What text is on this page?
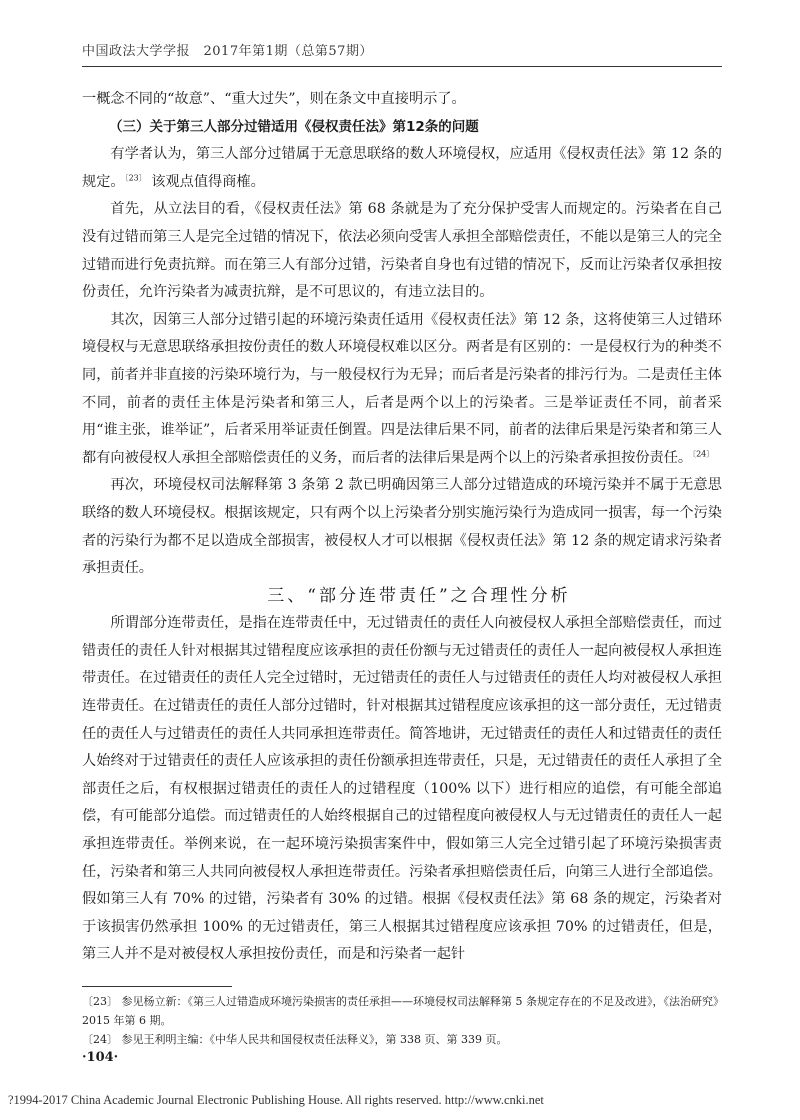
中国政法大学学报　2017年第1期（总第57期）

一概念不同的“故意”、“重大过失”，则在条文中直接明示了。

（三）关于第三人部分过错适用《侵权责任法》第12条的问题

有学者认为，第三人部分过错属于无意思联络的数人环境侵权，应适用《侵权责任法》第 12 条的规定。$^{〔23〕}$ 该观点值得商榷。

首先，从立法目的看，《侵权责任法》第 68 条就是为了充分保护受害人而规定的。污染者在自己没有过错而第三人是完全过错的情况下，依法必须向受害人承担全部赔偿责任，不能以是第三人的完全过错而进行免责抗辩。而在第三人有部分过错，污染者自身也有过错的情况下，反而让污染者仅承担按份责任，允许污染者为减责抗辩，是不可思议的，有违立法目的。

其次，因第三人部分过错引起的环境污染责任适用《侵权责任法》第 12 条，这将使第三人过错环境侵权与无意思联络承担按份责任的数人环境侵权难以区分。两者是有区别的：一是侵权行为的种类不同，前者并非直接的污染环境行为，与一般侵权行为无异；而后者是污染者的排污行为。二是责任主体不同，前者的责任主体是污染者和第三人，后者是两个以上的污染者。三是举证责任不同，前者采用“谁主张，谁举证”，后者采用举证责任倒置。四是法律后果不同，前者的法律后果是污染者和第三人都有向被侵权人承担全部赔偿责任的义务，而后者的法律后果是两个以上的污染者承担按份责任。$^{〔24〕}$

再次，环境侵权司法解释第 3 条第 2 款已明确因第三人部分过错造成的环境污染并不属于无意思联络的数人环境侵权。根据该规定，只有两个以上污染者分别实施污染行为造成同一损害，每一个污染者的污染行为都不足以造成全部损害，被侵权人才可以根据《侵权责任法》第 12 条的规定请求污染者承担责任。

三、“部分连带责任”之合理性分析

所谓部分连带责任，是指在连带责任中，无过错责任的责任人向被侵权人承担全部赔偿责任，而过错责任的责任人针对根据其过错程度应该承担的责任份额与无过错责任的责任人一起向被侵权人承担连带责任。在过错责任的责任人完全过错时，无过错责任的责任人与过错责任的责任人均对被侵权人承担连带责任。在过错责任的责任人部分过错时，针对根据其过错程度应该承担的这一部分责任，无过错责任的责任人与过错责任的责任人共同承担连带责任。简答地讲，无过错责任的责任人和过错责任的责任人始终对于过错责任的责任人应该承担的责任份额承担连带责任，只是，无过错责任的责任人承担了全部责任之后，有权根据过错责任的责任人的过错程度（100% 以下）进行相应的追偿，有可能全部追偿，有可能部分追偿。而过错责任的人始终根据自己的过错程度向被侵权人与无过错责任的责任人一起承担连带责任。举例来说，在一起环境污染损害案件中，假如第三人完全过错引起了环境污染损害责任，污染者和第三人共同向被侵权人承担连带责任。污染者承担赔偿责任后，向第三人进行全部追偿。假如第三人有 70% 的过错，污染者有 30% 的过错。根据《侵权责任法》第 68 条的规定，污染者对于该损害仍然承担 100% 的无过错责任，第三人根据其过错程度应该承担 70% 的过错责任，但是，第三人并不是对被侵权人承担按份责任，而是和污染者一起针

〔23〕 参见杨立新：《第三人过错造成环境污染损害的责任承担——环境侵权司法解释第 5 条规定存在的不足及改进》，《法治研究》2015 年第 6 期。

〔24〕 参见王利明主编：《中华人民共和国侵权责任法释义》，第 338 页、第 339 页。

·104·
?1994-2017 China Academic Journal Electronic Publishing House. All rights reserved. http://www.cnki.net
